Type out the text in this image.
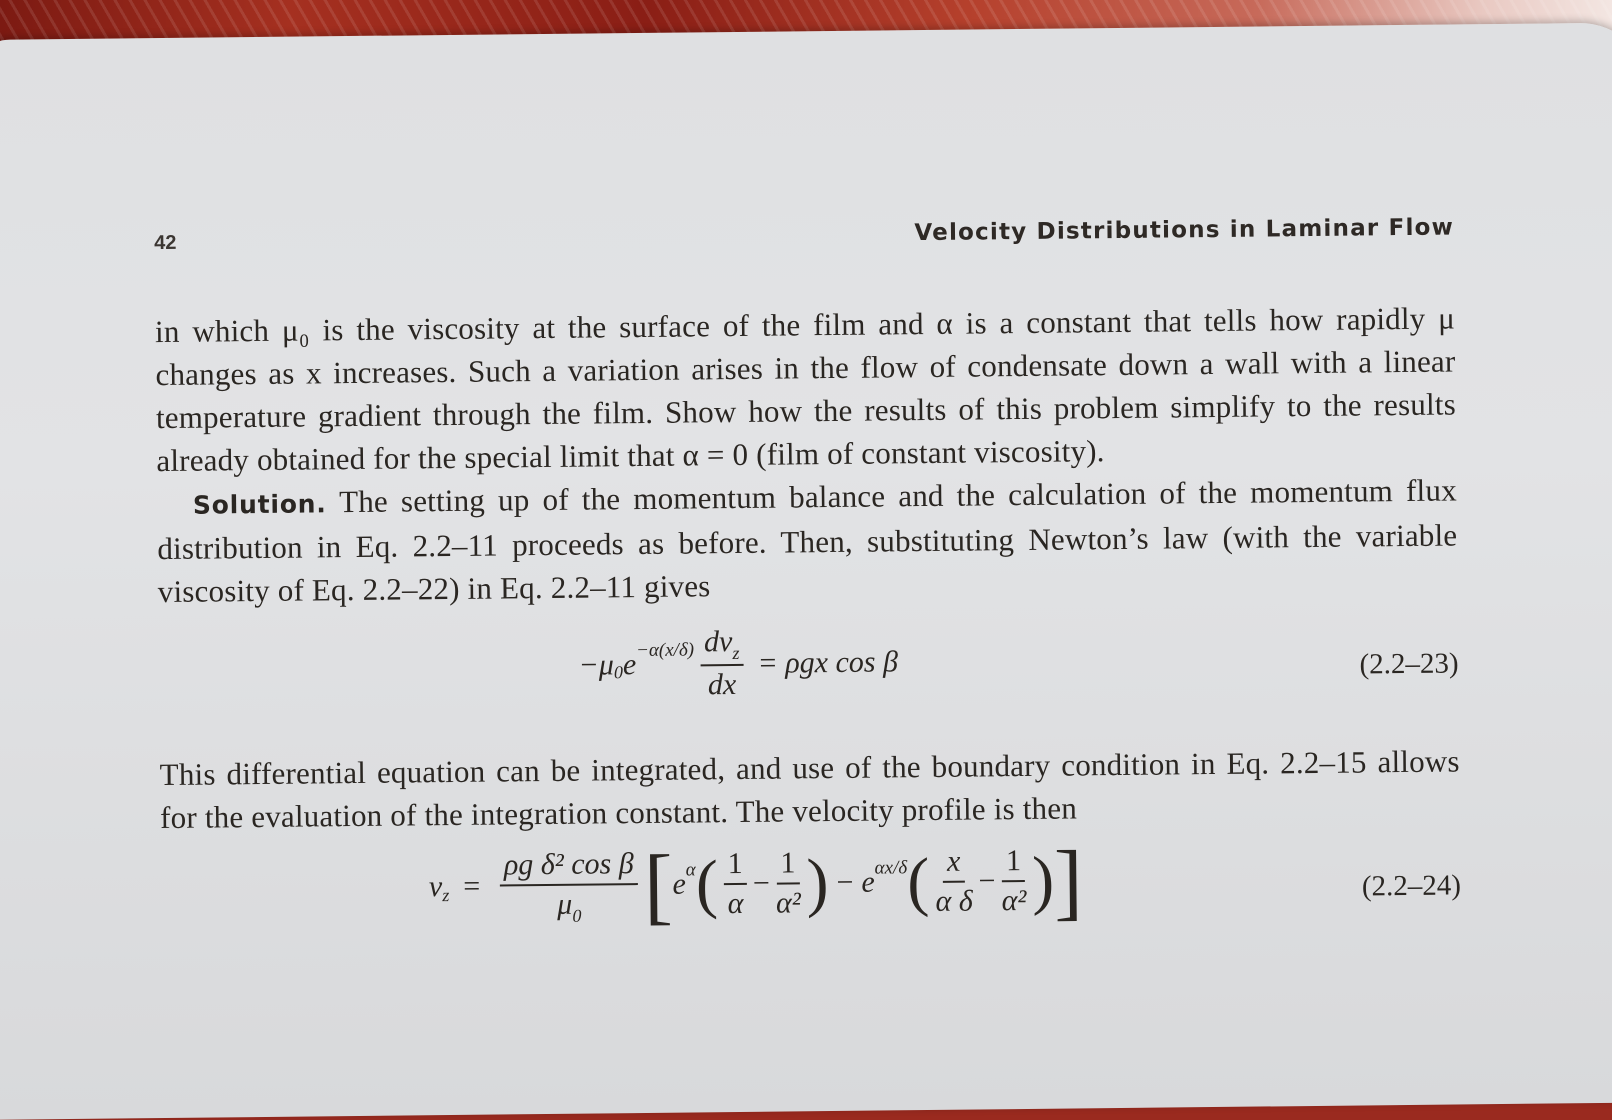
42	Velocity Distributions in Laminar Flow

in which μ₀ is the viscosity at the surface of the film and α is a constant that tells how rapidly μ changes as x increases. Such a variation arises in the flow of condensate down a wall with a linear temperature gradient through the film. Show how the results of this problem simplify to the results already obtained for the special limit that α = 0 (film of constant viscosity).

Solution. The setting up of the momentum balance and the calculation of the momentum flux distribution in Eq. 2.2–11 proceeds as before. Then, substituting Newton’s law (with the variable viscosity of Eq. 2.2–22) in Eq. 2.2–11 gives

−μ 0 $e -\alpha(x/\delta) \frac{dv_z}{dx} = \rho gx$ cos β	(2.2–23)

This differential equation can be integrated, and use of the boundary condition in Eq. 2.2–15 allows for the evaluation of the integration constant. The velocity profile is then

v $z = \frac{\text{ρg δ² cos β}}{\mu_0}$ [ e α ( $\frac{1}{\alpha} - \frac{1}{\text{α²}}$ ) − e αx/δ ( $\frac{x}{\text{α δ}} - \frac{1}{\text{α²}}$ ) ]	(2.2–24)
